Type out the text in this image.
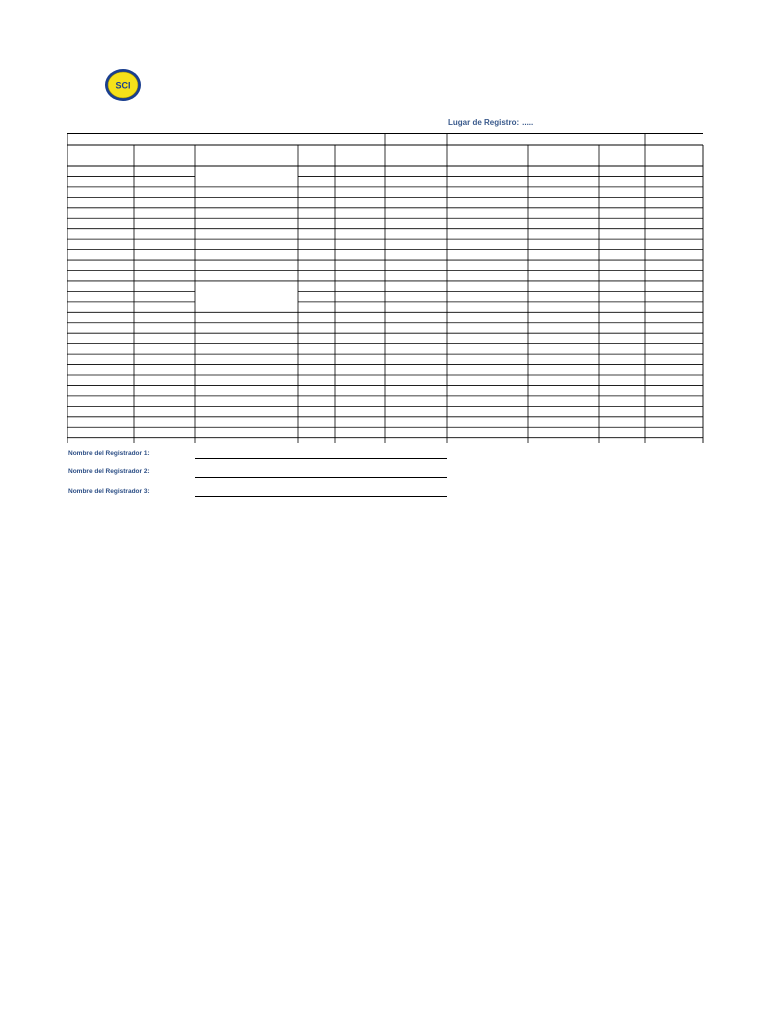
SCI
Lugar de Registro: .....
Nombre del Registrador 1:
Nombre del Registrador 2:
Nombre del Registrador 3:
